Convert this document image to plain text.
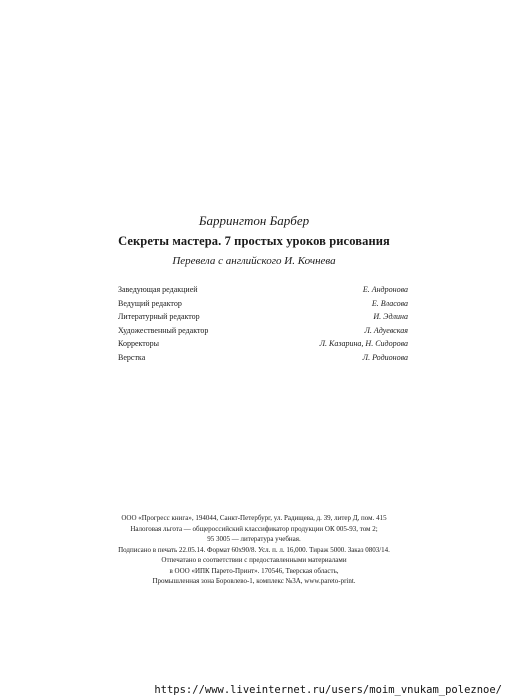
Баррингтон Барбер
Секреты мастера. 7 простых уроков рисования
Перевела с английского И. Кочнева
Заведующая редакцией	Е. Андронова
Ведущий редактор	Е. Власова
Литературный редактор	И. Эдлина
Художественный редактор	Л. Адуевская
Корректоры	Л. Казарина, Н. Сидорова
Верстка	Л. Родионова
ООО «Прогресс книга», 194044, Санкт-Петербург, ул. Радищева, д. 39, литер Д, пом. 415
Налоговая льгота — общероссийский классификатор продукции ОК 005-93, том 2;
95 3005 — литература учебная.
Подписано в печать 22.05.14. Формат 60х90/8. Усл. п. л. 16,000. Тираж 5000. Заказ 0803/14.
Отпечатано в соответствии с предоставленными материалами
в ООО «ИПК Парето-Принт». 170546, Тверская область,
Промышленная зона Боровлево-1, комплекс №3А, www.pareto-print.
https://www.liveinternet.ru/users/moim_vnukam_poleznoe/
